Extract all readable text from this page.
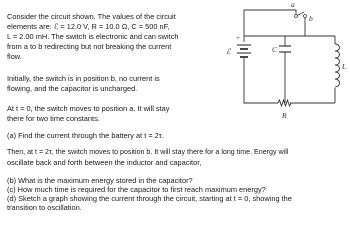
Consider the circuit shown. The values of the circuit
elements are: ℰ = 12.0 V, R = 10.0 Ω, C = 500 nF,
L = 2.00 mH. The switch is electronic and can switch
from a to b redirecting but not breaking the current
flow.
Initially, the switch is in position b, no current is
flowing, and the capacitor is uncharged.
At t = 0, the switch moves to position a. It will stay
there for two time constants.
(a) Find the current through the battery at t = 2τ.
Then, at t = 2τ, the switch moves to position b. It will stay there for a long time. Energy will
oscillate back and forth between the inductor and capacitor,
(b) What is the maximum energy stored in the capacitor?
(c) How much time is required for the capacitor to first reach maximum energy?
(d) Sketch a graph showing the current through the circuit, starting at t = 0, showing the
transition to oscillation.
a
b
ℰ
+
C
R
L
